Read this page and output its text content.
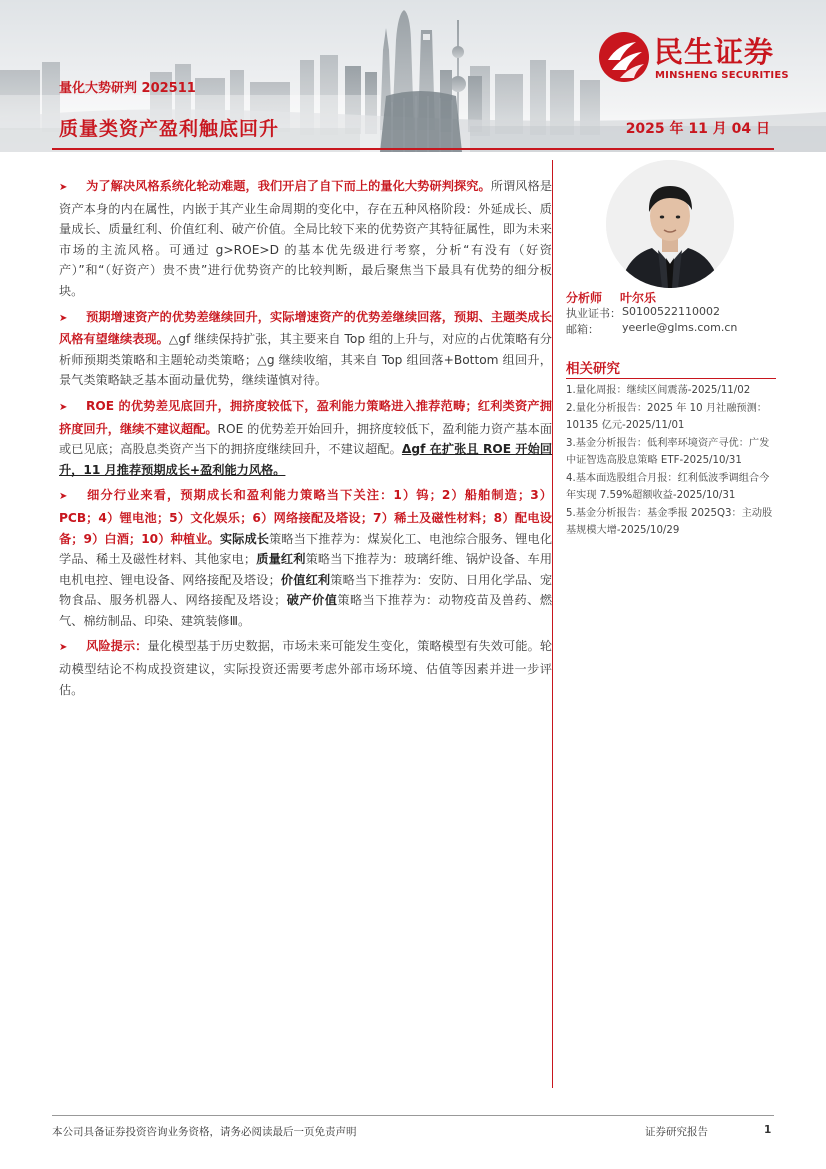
量化大势研判 202511
质量类资产盈利触底回升	2025 年 11 月 04 日
民生证券
MINSHENG SECURITIES
➤ 为了解决风格系统化轮动难题，我们开启了自下而上的量化大势研判探究。所谓风格是资产本身的内在属性，内嵌于其产业生命周期的变化中，存在五种风格阶段：外延成长、质量成长、质量红利、价值红利、破产价值。全局比较下来的优势资产其特征属性，即为未来市场的主流风格。可通过 g>ROE>D 的基本优先级进行考察，分析“有没有（好资产）”和“（好资产）贵不贵”进行优势资产的比较判断，最后聚焦当下最具有优势的细分板块。
➤ 预期增速资产的优势差继续回升，实际增速资产的优势差继续回落，预期、主题类成长风格有望继续表现。△gf 继续保持扩张，其主要来自 Top 组的上升与，对应的占优策略有分析师预期类策略和主题轮动类策略；△g 继续收缩，其来自 Top 组回落+Bottom 组回升，景气类策略缺乏基本面动量优势，继续谨慎对待。
➤ ROE 的优势差见底回升，拥挤度较低下，盈利能力策略进入推荐范畴；红利类资产拥挤度回升，继续不建议超配。ROE 的优势差开始回升，拥挤度较低下，盈利能力资产基本面或已见底；高股息类资产当下的拥挤度继续回升，不建议超配。Δgf 在扩张且 ROE 开始回升，11 月推荐预期成长+盈利能力风格。
➤ 细分行业来看，预期成长和盈利能力策略当下关注：1）钨；2）船舶制造；3）PCB；4）锂电池；5）文化娱乐；6）网络接配及塔设；7）稀土及磁性材料；8）配电设备；9）白酒；10）种植业。实际成长策略当下推荐为：煤炭化工、电池综合服务、锂电化学品、稀土及磁性材料、其他家电；质量红利策略当下推荐为：玻璃纤维、锅炉设备、车用电机电控、锂电设备、网络接配及塔设；价值红利策略当下推荐为：安防、日用化学品、宠物食品、服务机器人、网络接配及塔设；破产价值策略当下推荐为：动物疫苗及兽药、燃气、棉纺制品、印染、建筑装修Ⅲ。
➤ 风险提示：量化模型基于历史数据，市场未来可能发生变化，策略模型有失效可能。轮动模型结论不构成投资建议，实际投资还需要考虑外部市场环境、估值等因素并进一步评估。
分析师 叶尔乐
执业证书： S0100522110002
邮箱： yeerle@glms.com.cn
相关研究
1.量化周报：继续区间震荡-2025/11/02
2.量化分析报告：2025 年 10 月社融预测：10135 亿元-2025/11/01
3.基金分析报告：低利率环境资产寻优：广发中证智选高股息策略 ETF-2025/10/31
4.基本面选股组合月报：红利低波季调组合今年实现 7.59%超额收益-2025/10/31
5.基金分析报告：基金季报 2025Q3：主动股基规模大增-2025/10/29
本公司具备证券投资咨询业务资格，请务必阅读最后一页免责声明	证券研究报告	1
